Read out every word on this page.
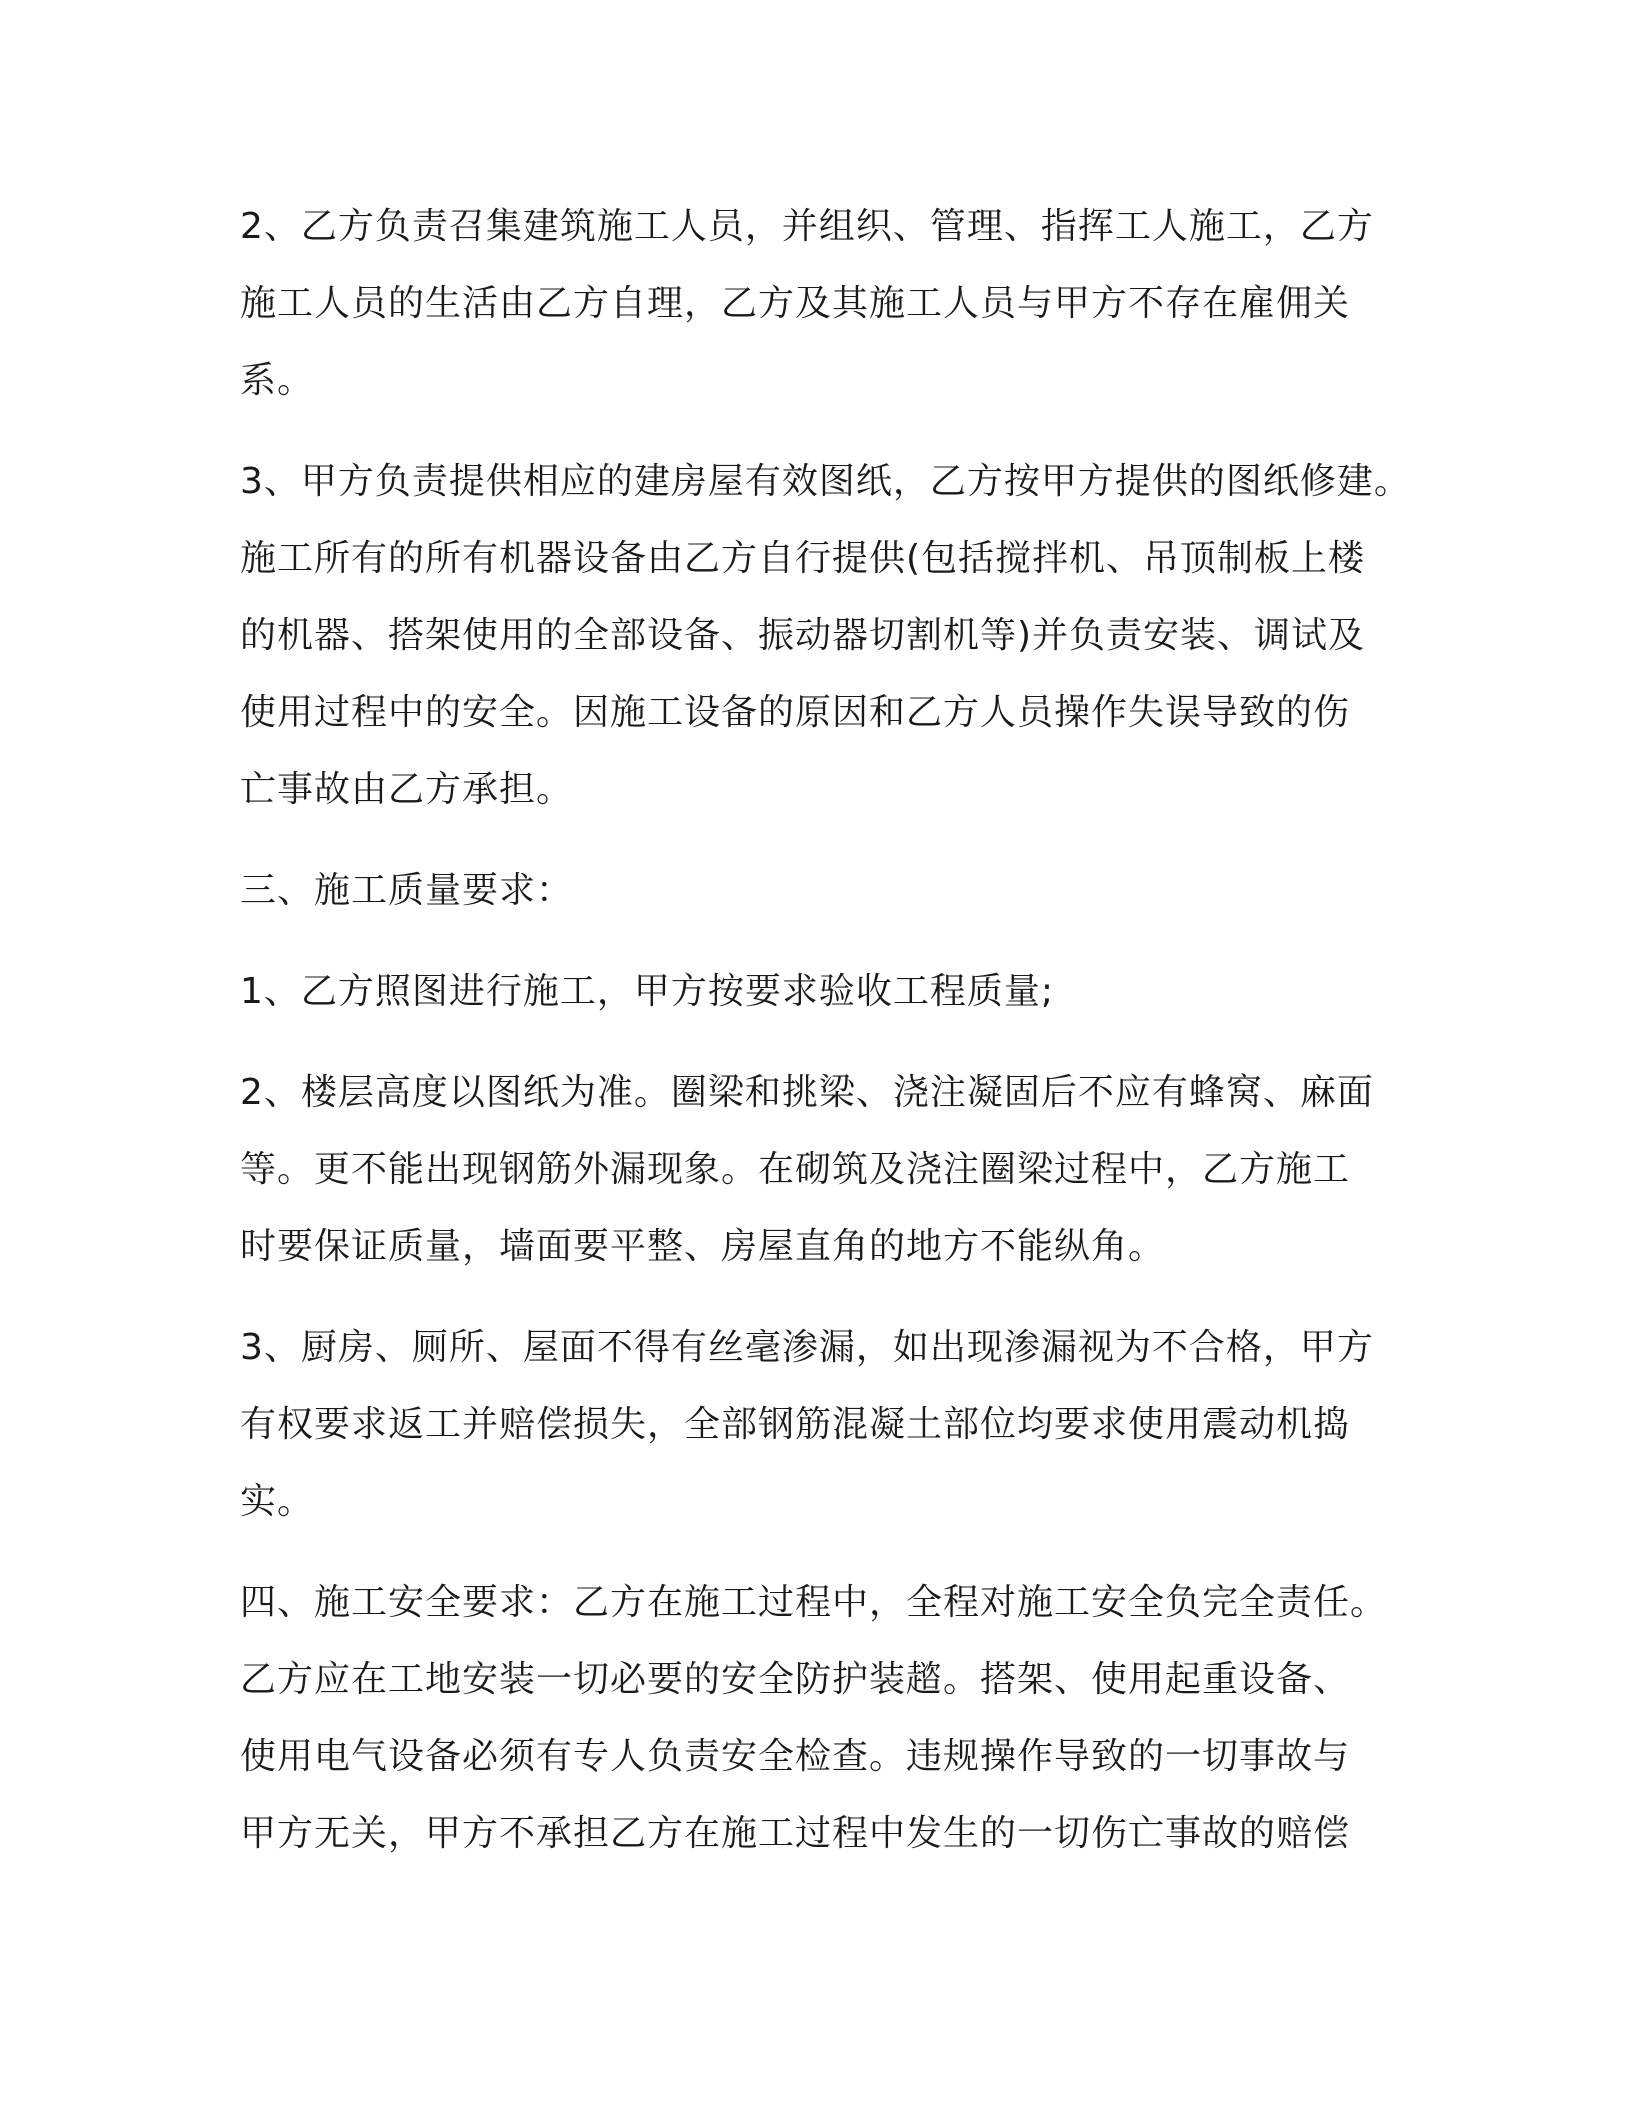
2、乙方负责召集建筑施工人员，并组织、管理、指挥工人施工，乙方
施工人员的生活由乙方自理，乙方及其施工人员与甲方不存在雇佣关
系。

3、甲方负责提供相应的建房屋有效图纸，乙方按甲方提供的图纸修建。
施工所有的所有机器设备由乙方自行提供(包括搅拌机、吊顶制板上楼
的机器、搭架使用的全部设备、振动器切割机等)并负责安装、调试及
使用过程中的安全。因施工设备的原因和乙方人员操作失误导致的伤
亡事故由乙方承担。

三、施工质量要求：

1、乙方照图进行施工，甲方按要求验收工程质量;

2、楼层高度以图纸为准。圈梁和挑梁、浇注凝固后不应有蜂窝、麻面
等。更不能出现钢筋外漏现象。在砌筑及浇注圈梁过程中，乙方施工
时要保证质量，墙面要平整、房屋直角的地方不能纵角。

3、厨房、厕所、屋面不得有丝毫渗漏，如出现渗漏视为不合格，甲方
有权要求返工并赔偿损失，全部钢筋混凝土部位均要求使用震动机捣
实。

四、施工安全要求：乙方在施工过程中，全程对施工安全负完全责任。
乙方应在工地安装一切必要的安全防护装趦。搭架、使用起重设备、
使用电气设备必须有专人负责安全检查。违规操作导致的一切事故与
甲方无关，甲方不承担乙方在施工过程中发生的一切伤亡事故的赔偿
